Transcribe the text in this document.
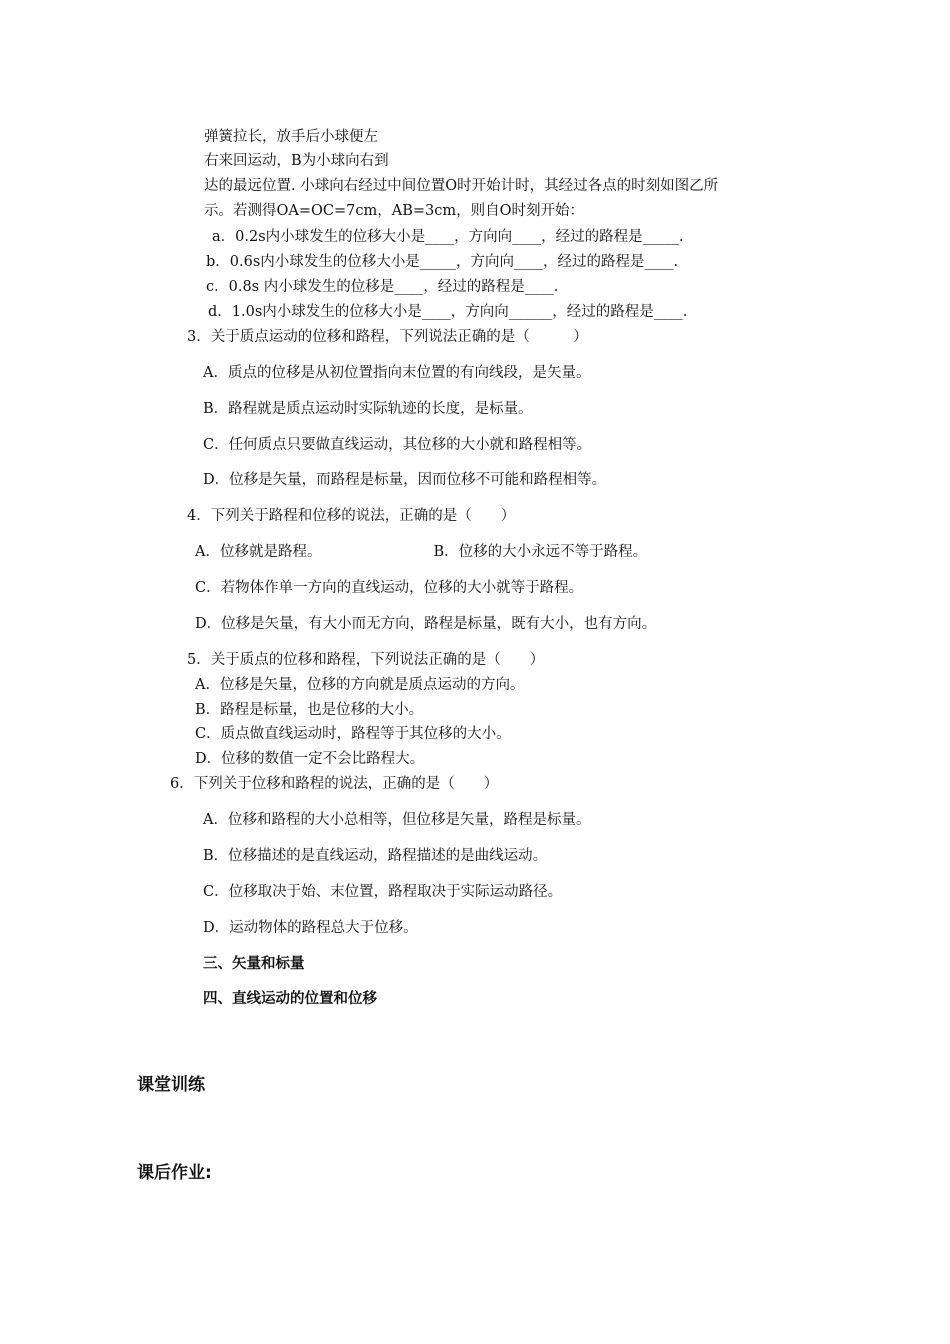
弹簧拉长，放手后小球便左
右来回运动，B为小球向右到
达的最远位置. 小球向右经过中间位置O时开始计时，其经过各点的时刻如图乙所
示。若测得OA=OC=7cm，AB=3cm，则自O时刻开始：
a．0.2s内小球发生的位移大小是____，方向向____，经过的路程是_____.
b．0.6s内小球发生的位移大小是_____，方向向____，经过的路程是____.
c．0.8s 内小球发生的位移是____，经过的路程是____.
d．1.0s内小球发生的位移大小是____，方向向______，经过的路程是____.
3．关于质点运动的位移和路程，下列说法正确的是（　　　）
A．质点的位移是从初位置指向末位置的有向线段，是矢量。
B．路程就是质点运动时实际轨迹的长度，是标量。
C．任何质点只要做直线运动，其位移的大小就和路程相等。
D．位移是矢量，而路程是标量，因而位移不可能和路程相等。
4．下列关于路程和位移的说法，正确的是（　　）
A．位移就是路程。	B．位移的大小永远不等于路程。
C．若物体作单一方向的直线运动，位移的大小就等于路程。
D．位移是矢量，有大小而无方向，路程是标量，既有大小，也有方向。
5．关于质点的位移和路程，下列说法正确的是（　　）
A．位移是矢量，位移的方向就是质点运动的方向。
B．路程是标量，也是位移的大小。
C．质点做直线运动时，路程等于其位移的大小。
D．位移的数值一定不会比路程大。
6．下列关于位移和路程的说法，正确的是（　　）
A．位移和路程的大小总相等，但位移是矢量，路程是标量。
B．位移描述的是直线运动，路程描述的是曲线运动。
C．位移取决于始、末位置，路程取决于实际运动路径。
D．运动物体的路程总大于位移。
三、矢量和标量
四、直线运动的位置和位移
课堂训练
课后作业:
